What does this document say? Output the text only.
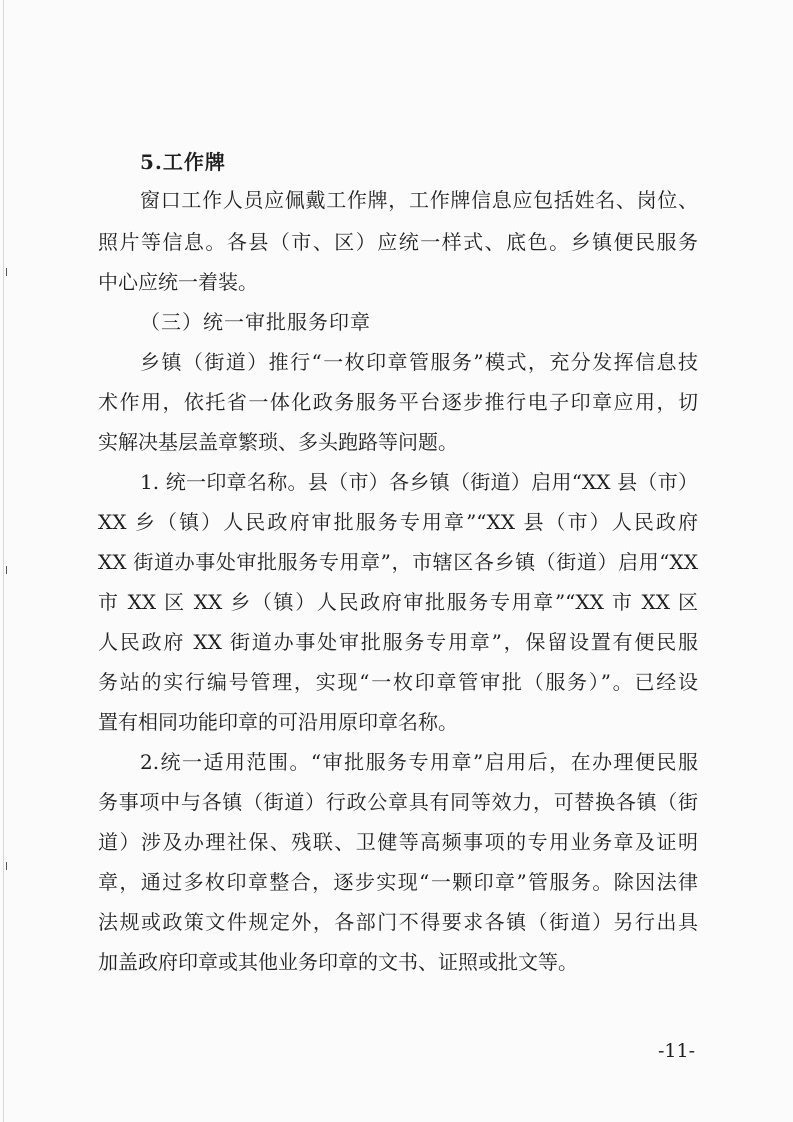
5.工作牌
窗口工作人员应佩戴工作牌，工作牌信息应包括姓名、岗位、
照片等信息。各县（市、区）应统一样式、底色。乡镇便民服务
中心应统一着装。
（三）统一审批服务印章
乡镇（街道）推行“一枚印章管服务”模式，充分发挥信息技
术作用，依托省一体化政务服务平台逐步推行电子印章应用，切
实解决基层盖章繁琐、多头跑路等问题。
1. 统一印章名称。县（市）各乡镇（街道）启用“XX 县（市）
XX 乡（镇）人民政府审批服务专用章”“XX 县（市）人民政府
XX 街道办事处审批服务专用章”，市辖区各乡镇（街道）启用“XX
市 XX 区 XX 乡（镇）人民政府审批服务专用章”“XX 市 XX 区
人民政府 XX 街道办事处审批服务专用章”，保留设置有便民服
务站的实行编号管理，实现“一枚印章管审批（服务）”。已经设
置有相同功能印章的可沿用原印章名称。
2.统一适用范围。“审批服务专用章”启用后，在办理便民服
务事项中与各镇（街道）行政公章具有同等效力，可替换各镇（街
道）涉及办理社保、残联、卫健等高频事项的专用业务章及证明
章，通过多枚印章整合，逐步实现“一颗印章”管服务。除因法律
法规或政策文件规定外，各部门不得要求各镇（街道）另行出具
加盖政府印章或其他业务印章的文书、证照或批文等。
-11-
